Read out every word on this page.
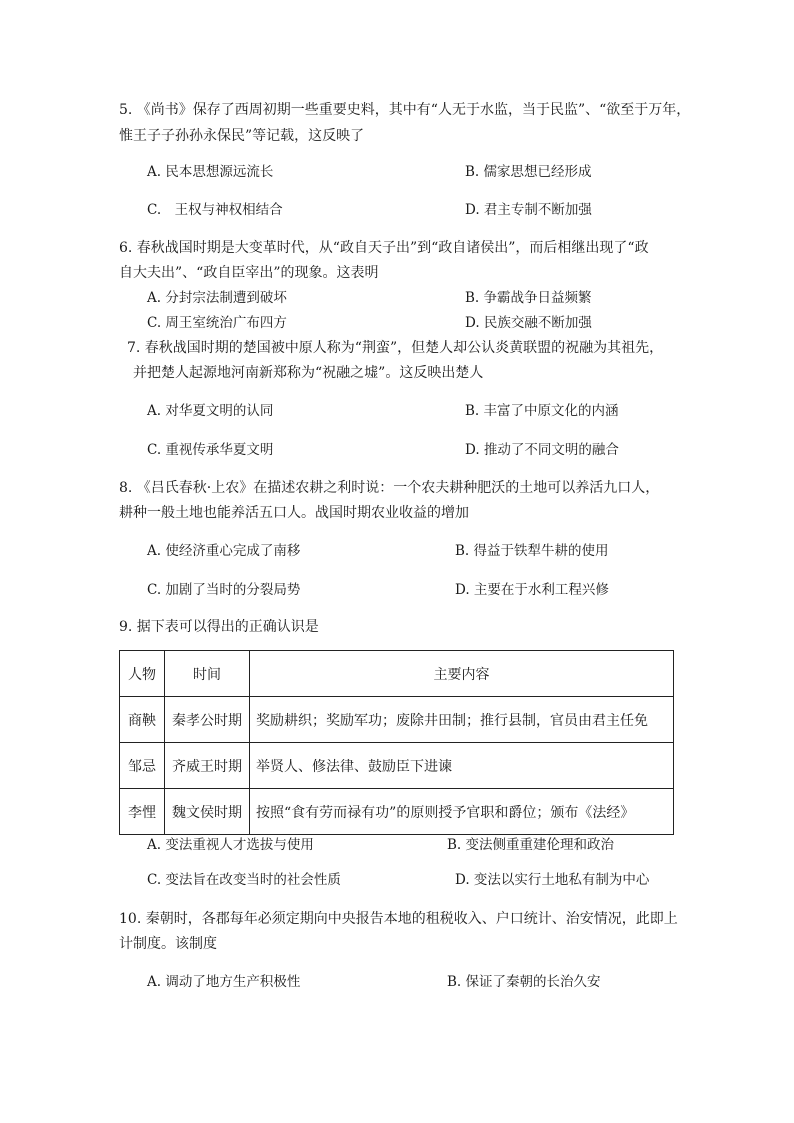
5. 《尚书》保存了西周初期一些重要史料，其中有“人无于水监，当于民监”、“欲至于万年，
惟王子子孙孙永保民”等记载，这反映了
A. 民本思想源远流长	B. 儒家思想已经形成
C.　王权与神权相结合	D. 君主专制不断加强
6. 春秋战国时期是大变革时代，从“政自天子出”到“政自诸侯出”，而后相继出现了“政
自大夫出”、“政自臣宰出”的现象。这表明
A. 分封宗法制遭到破坏	B. 争霸战争日益频繁
C. 周王室统治广布四方	D. 民族交融不断加强
7. 春秋战国时期的楚国被中原人称为“荆蛮”，但楚人却公认炎黄联盟的祝融为其祖先，
并把楚人起源地河南新郑称为“祝融之墟”。这反映出楚人
A. 对华夏文明的认同	B. 丰富了中原文化的内涵
C. 重视传承华夏文明	D. 推动了不同文明的融合
8. 《吕氏春秋·上农》在描述农耕之利时说：一个农夫耕种肥沃的土地可以养活九口人，
耕种一般土地也能养活五口人。战国时期农业收益的增加
A. 使经济重心完成了南移	B. 得益于铁犁牛耕的使用
C. 加剧了当时的分裂局势	D. 主要在于水利工程兴修
9. 据下表可以得出的正确认识是
人物	时间	主要内容
商鞅	秦孝公时期	奖励耕织；奖励军功；废除井田制；推行县制，官员由君主任免
邹忌	齐威王时期	举贤人、修法律、鼓励臣下进谏
李悝	魏文侯时期	按照“食有劳而禄有功”的原则授予官职和爵位；颁布《法经》
A. 变法重视人才选拔与使用	B. 变法侧重重建伦理和政治
C. 变法旨在改变当时的社会性质	D. 变法以实行土地私有制为中心
10. 秦朝时，各郡每年必须定期向中央报告本地的租税收入、户口统计、治安情况，此即上
计制度。该制度
A. 调动了地方生产积极性	B. 保证了秦朝的长治久安
